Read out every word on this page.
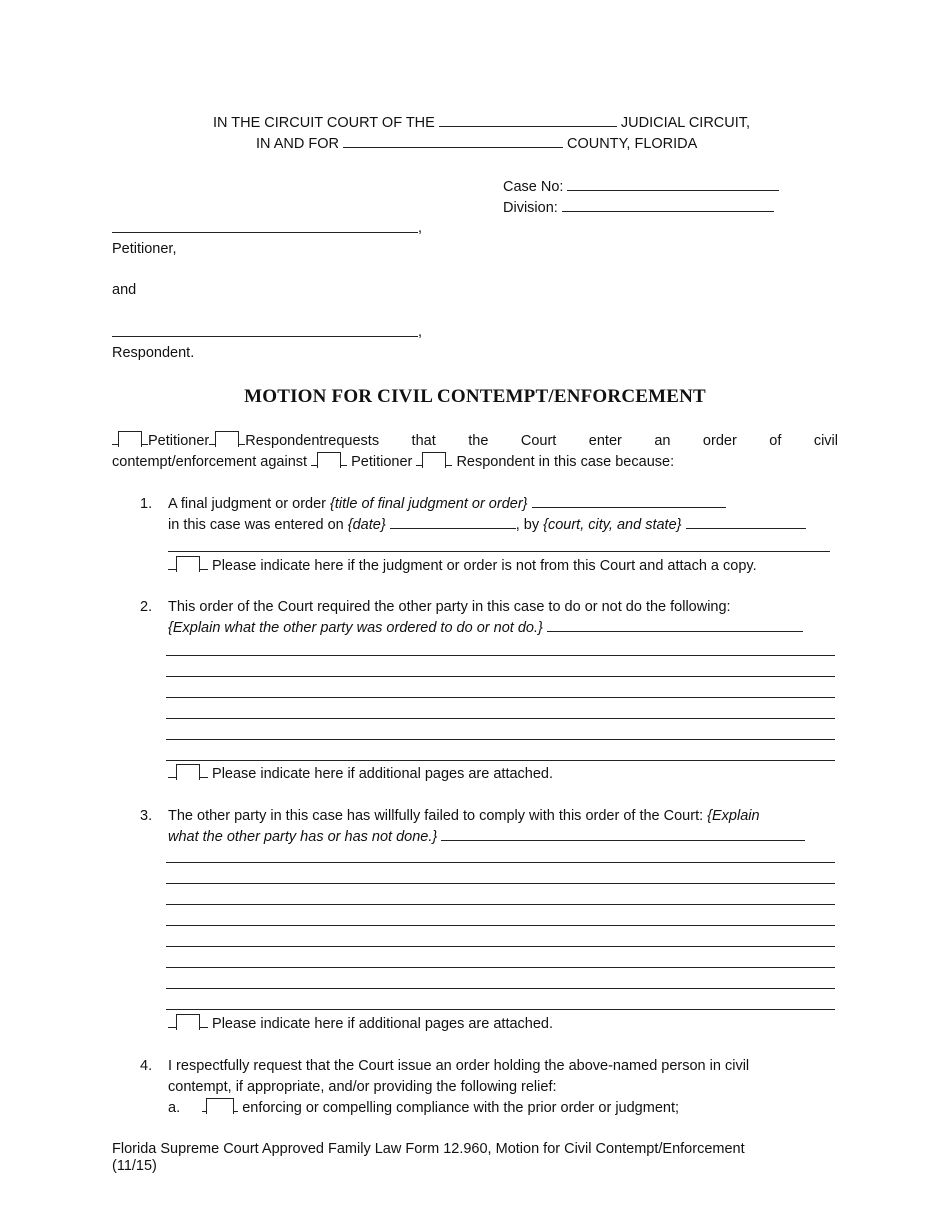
IN THE CIRCUIT COURT OF THE	JUDICIAL CIRCUIT,
IN AND FOR	COUNTY, FLORIDA
Case No:
Division:
,
Petitioner,
and
,
Respondent.
MOTION FOR CIVIL CONTEMPT/ENFORCEMENT
Petitioner Respondent requests that the Court enter an order of civil
contempt/enforcement against	Petitioner	Respondent in this case because:
1. A final judgment or order {title of final judgment or order}
in this case was entered on {date}	, by {court, city, and state}
Please indicate here if the judgment or order is not from this Court and attach a copy.
2. This order of the Court required the other party in this case to do or not do the following:
{Explain what the other party was ordered to do or not do.}
Please indicate here if additional pages are attached.
3. The other party in this case has willfully failed to comply with this order of the Court: {Explain
what the other party has or has not done.}
Please indicate here if additional pages are attached.
4. I respectfully request that the Court issue an order holding the above-named person in civil
contempt, if appropriate, and/or providing the following relief:
a.	enforcing or compelling compliance with the prior order or judgment;
Florida Supreme Court Approved Family Law Form 12.960, Motion for Civil Contempt/Enforcement
(11/15)
